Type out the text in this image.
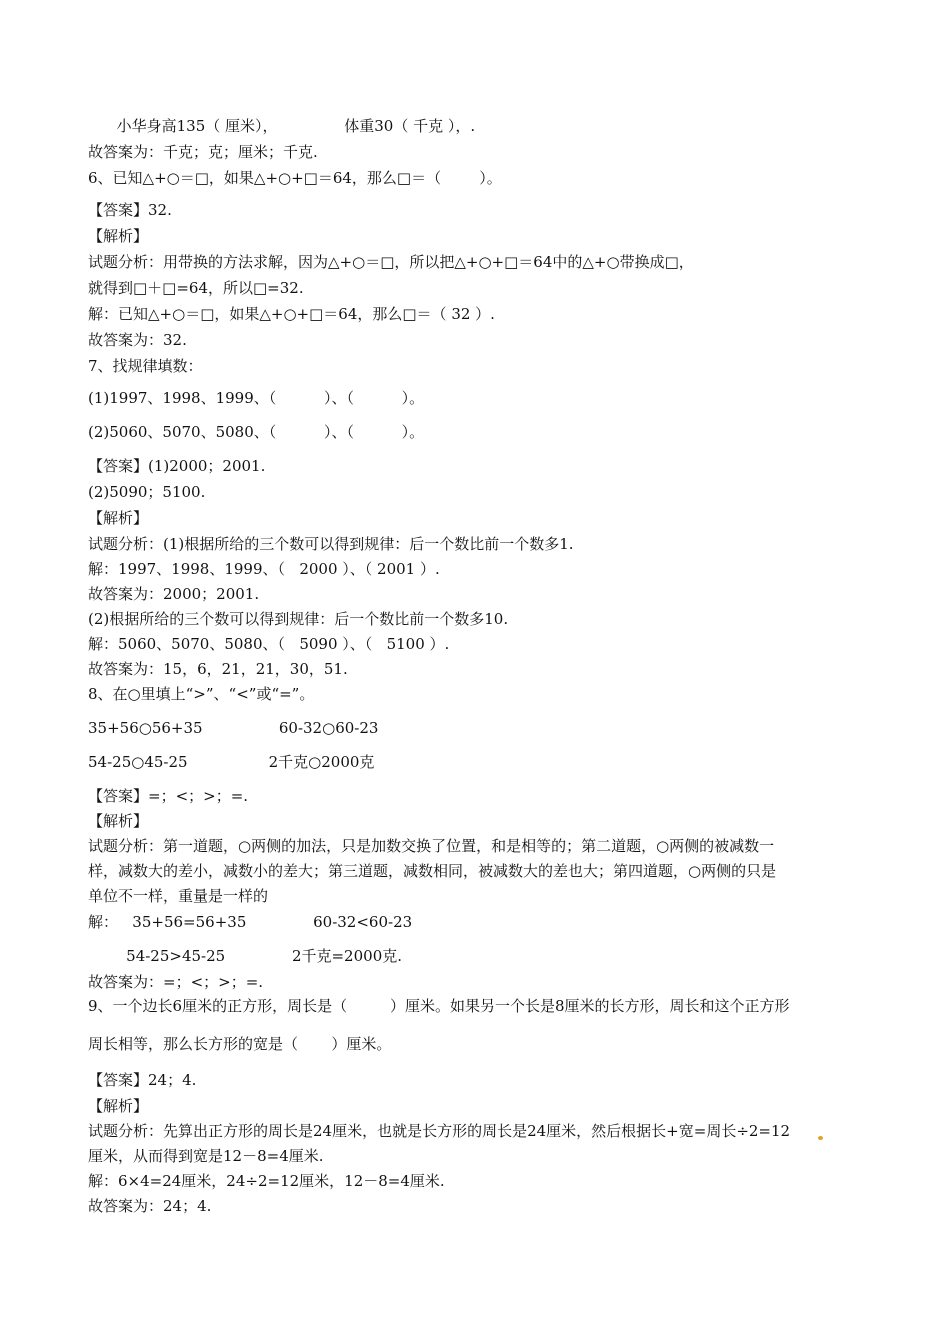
小华身高135（ 厘米），              体重30（ 千克 ），.
故答案为：千克；克；厘米；千克.
6、已知△+○＝□，如果△+○+□＝64，那么□＝（        ）。
【答案】32.
【解析】
试题分析：用带换的方法求解，因为△+○＝□，所以把△+○+□＝64中的△+○带换成□，
就得到□＋□=64，所以□=32.
解：已知△+○＝□，如果△+○+□＝64，那么□＝（ 32 ）.
故答案为：32.
7、找规律填数：
(1)1997、1998、1999、（          ）、（          ）。
(2)5060、5070、5080、（          ）、（          ）。
【答案】(1)2000；2001.
(2)5090；5100.
【解析】
试题分析：(1)根据所给的三个数可以得到规律：后一个数比前一个数多1.
解：1997、1998、1999、（   2000 ）、（ 2001 ）.
故答案为：2000；2001.
(2)根据所给的三个数可以得到规律：后一个数比前一个数多10.
解：5060、5070、5080、（   5090 ）、（   5100 ）.
故答案为：15，6，21，21，30，51.
8、在○里填上“>”、“<”或“=”。
35+56○56+35                60-32○60-23
54-25○45-25                 2千克○2000克
【答案】=；<；>；=.
【解析】
试题分析：第一道题，○两侧的加法，只是加数交换了位置，和是相等的；第二道题，○两侧的被减数一
样，减数大的差小，减数小的差大；第三道题，减数相同，被减数大的差也大；第四道题，○两侧的只是
单位不一样，重量是一样的
解：   35+56=56+35              60-32<60-23
54-25>45-25              2千克=2000克.
故答案为：=；<；>；=.
9、一个边长6厘米的正方形，周长是（         ）厘米。如果另一个长是8厘米的长方形，周长和这个正方形
周长相等，那么长方形的宽是（       ）厘米。
【答案】24；4.
【解析】
试题分析：先算出正方形的周长是24厘米，也就是长方形的周长是24厘米，然后根据长+宽=周长÷2=12
厘米，从而得到宽是12－8=4厘米.
解：6×4=24厘米，24÷2=12厘米，12－8=4厘米.
故答案为：24；4.
